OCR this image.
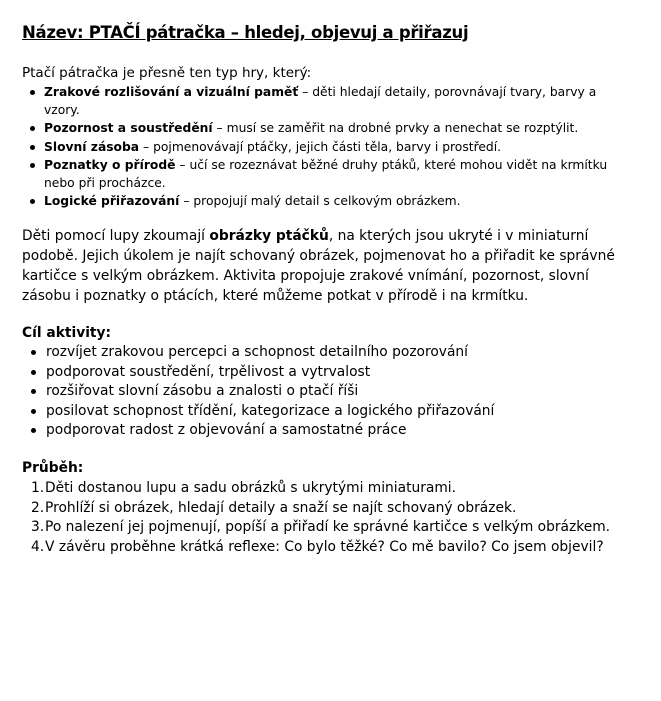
Název: PTAČÍ pátračka – hledej, objevuj a přiřazuj

Ptačí pátračka je přesně ten typ hry, který:

Zrakové rozlišování a vizuální paměť – děti hledají detaily, porovnávají tvary, barvy a vzory.
Pozornost a soustředění – musí se zaměřit na drobné prvky a nenechat se rozptýlit.
Slovní zásoba – pojmenovávají ptáčky, jejich části těla, barvy i prostředí.
Poznatky o přírodě – učí se rozeznávat běžné druhy ptáků, které mohou vidět na krmítku nebo při procházce.
Logické přiřazování – propojují malý detail s celkovým obrázkem.

Děti pomocí lupy zkoumají obrázky ptáčků, na kterých jsou ukryté i v miniaturní podobě. Jejich úkolem je najít schovaný obrázek, pojmenovat ho a přiřadit ke správné kartičce s velkým obrázkem. Aktivita propojuje zrakové vnímání, pozornost, slovní zásobu i poznatky o ptácích, které můžeme potkat v přírodě i na krmítku.

Cíl aktivity:

rozvíjet zrakovou percepci a schopnost detailního pozorování
podporovat soustředění, trpělivost a vytrvalost
rozšiřovat slovní zásobu a znalosti o ptačí říši
posilovat schopnost třídění, kategorizace a logického přiřazování
podporovat radost z objevování a samostatné práce

Průběh:

1. Děti dostanou lupu a sadu obrázků s ukrytými miniaturami.
2. Prohlíží si obrázek, hledají detaily a snaží se najít schovaný obrázek.
3. Po nalezení jej pojmenují, popíší a přiřadí ke správné kartičce s velkým obrázkem.
4. V závěru proběhne krátká reflexe: Co bylo těžké? Co mě bavilo? Co jsem objevil?
